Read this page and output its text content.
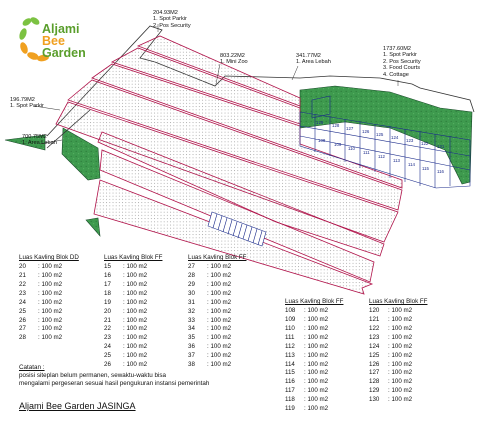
129
128
127
126
125
124
123
122
121
108
109
110
111
112
113
114
115
116
Aljami
Bee
Garden
204.93M2
1. Spot Parkir
2. Pos Security
803.22M2
1. Mini Zoo
341.77M2
1. Area Lebah
1737.60M2
1. Spot Parkir
2. Pos Security
3. Food Courts
4. Cottage
196.79M2
1. Spot Parkir
700.75M2
1. Area Lebah
Luas Kavling Blok DD
20	: 100 m2
21	: 100 m2
22	: 100 m2
23	: 100 m2
24	: 100 m2
25	: 100 m2
26	: 100 m2
27	: 100 m2
28	: 100 m2
Luas Kavling Blok FF
15	: 100 m2
16	: 100 m2
17	: 100 m2
18	: 100 m2
19	: 100 m2
20	: 100 m2
21	: 100 m2
22	: 100 m2
23	: 100 m2
24	: 100 m2
25	: 100 m2
26	: 100 m2
Luas Kavling Blok FF
27	: 100 m2
28	: 100 m2
29	: 100 m2
30	: 100 m2
31	: 100 m2
32	: 100 m2
33	: 100 m2
34	: 100 m2
35	: 100 m2
36	: 100 m2
37	: 100 m2
38	: 100 m2
Luas Kavling Blok FF
108	: 100 m2
109	: 100 m2
110	: 100 m2
111	: 100 m2
112	: 100 m2
113	: 100 m2
114	: 100 m2
115	: 100 m2
116	: 100 m2
117	: 100 m2
118	: 100 m2
119	: 100 m2
Luas Kavling Blok FF
120	: 100 m2
121	: 100 m2
122	: 100 m2
123	: 100 m2
124	: 100 m2
125	: 100 m2
126	: 100 m2
127	: 100 m2
128	: 100 m2
129	: 100 m2
130	: 100 m2
Catatan :
posisi siteplan belum permanen, sewaktu-waktu bisa
mengalami pergeseran sesuai hasil pengukuran instansi pemerintah
Aljami Bee Garden JASINGA
